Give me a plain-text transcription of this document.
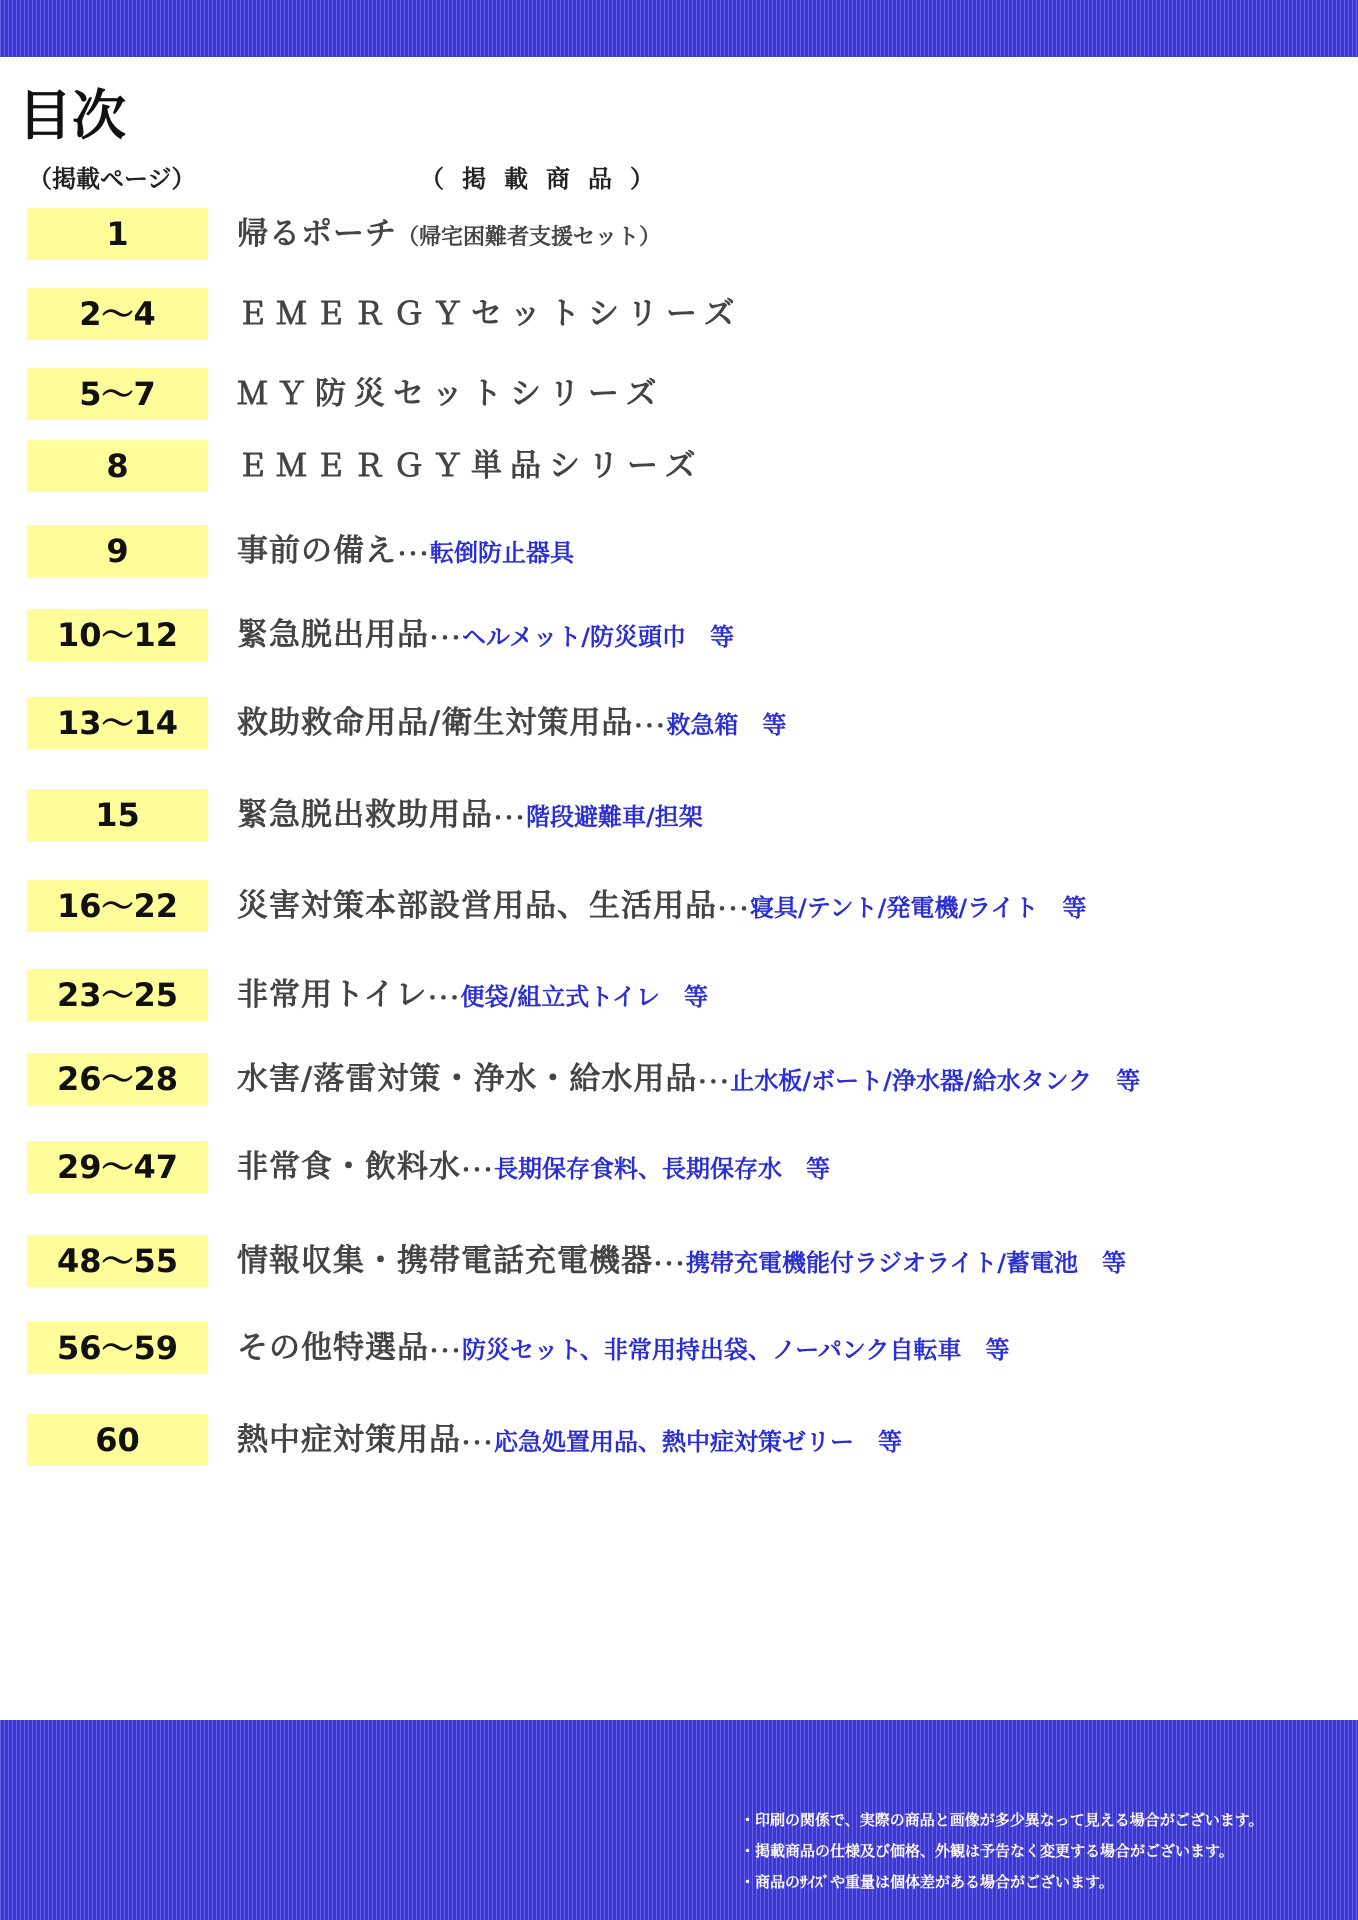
目次
（掲載ページ）	（掲載商品）
1	帰るポーチ（帰宅困難者支援セット）
2～4	ＥＭＥＲＧＹセットシリーズ
5～7	ＭＹ防災セットシリーズ
8	ＥＭＥＲＧＹ単品シリーズ
9	事前の備え･･･転倒防止器具
10～12	緊急脱出用品･･･ヘルメット/防災頭巾　等
13～14	救助救命用品/衛生対策用品･･･救急箱　等
15	緊急脱出救助用品･･･階段避難車/担架
16～22	災害対策本部設営用品、生活用品･･･寝具/テント/発電機/ライト　等
23～25	非常用トイレ･･･便袋/組立式トイレ　等
26～28	水害/落雷対策・浄水・給水用品･･･止水板/ボート/浄水器/給水タンク　等
29～47	非常食・飲料水･･･長期保存食料、長期保存水　等
48～55	情報収集・携帯電話充電機器･･･携帯充電機能付ラジオライト/蓄電池　等
56～59	その他特選品･･･防災セット、非常用持出袋、ノーパンク自転車　等
60	熱中症対策用品･･･応急処置用品、熱中症対策ゼリー　等
・印刷の関係で、実際の商品と画像が多少異なって見える場合がございます。
・掲載商品の仕様及び価格、外観は予告なく変更する場合がございます。
・商品のｻｲｽﾞや重量は個体差がある場合がございます。
